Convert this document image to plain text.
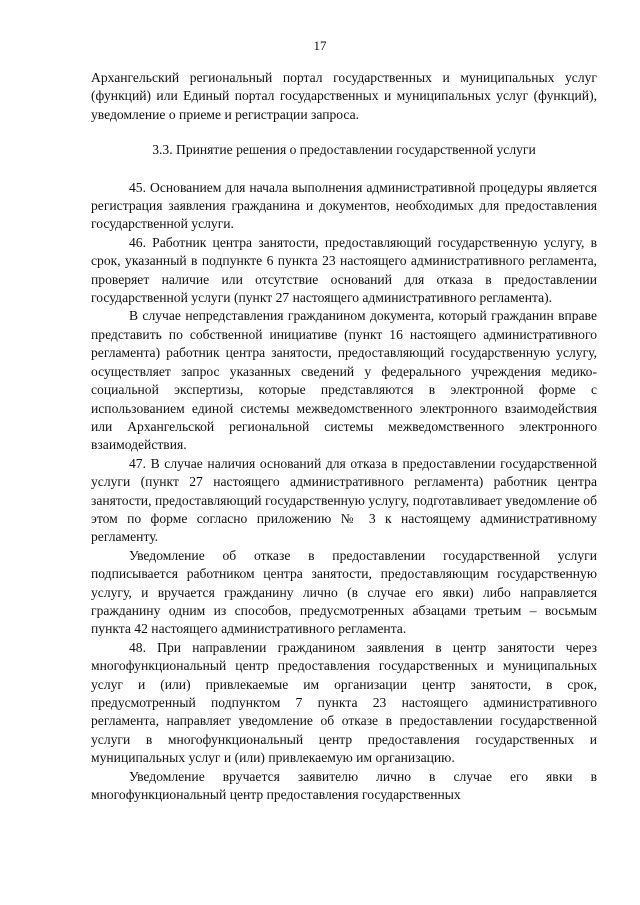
17

Архангельский региональный портал государственных и муниципальных услуг (функций) или Единый портал государственных и муниципальных услуг (функций), уведомление о приеме и регистрации запроса.

3.3. Принятие решения о предоставлении государственной услуги

45. Основанием для начала выполнения административной процедуры является регистрация заявления гражданина и документов, необходимых для предоставления государственной услуги.

46. Работник центра занятости, предоставляющий государственную услугу, в срок, указанный в подпункте 6 пункта 23 настоящего административного регламента, проверяет наличие или отсутствие оснований для отказа в предоставлении государственной услуги (пункт 27 настоящего административного регламента).

В случае непредставления гражданином документа, который гражданин вправе представить по собственной инициативе (пункт 16 настоящего административного регламента) работник центра занятости, предоставляющий государственную услугу, осуществляет запрос указанных сведений у федерального учреждения медико-социальной экспертизы, которые представляются в электронной форме с использованием единой системы межведомственного электронного взаимодействия или Архангельской региональной системы межведомственного электронного взаимодействия.

47. В случае наличия оснований для отказа в предоставлении государственной услуги (пункт 27 настоящего административного регламента) работник центра занятости, предоставляющий государственную услугу, подготавливает уведомление об этом по форме согласно приложению № 3 к настоящему административному регламенту.

Уведомление об отказе в предоставлении государственной услуги подписывается работником центра занятости, предоставляющим государственную услугу, и вручается гражданину лично (в случае его явки) либо направляется гражданину одним из способов, предусмотренных абзацами третьим – восьмым пункта 42 настоящего административного регламента.

48. При направлении гражданином заявления в центр занятости через многофункциональный центр предоставления государственных и муниципальных услуг и (или) привлекаемые им организации центр занятости, в срок, предусмотренный подпунктом 7 пункта 23 настоящего административного регламента, направляет уведомление об отказе в предоставлении государственной услуги в многофункциональный центр предоставления государственных и муниципальных услуг и (или) привлекаемую им организацию.

Уведомление вручается заявителю лично в случае его явки в многофункциональный центр предоставления государственных
